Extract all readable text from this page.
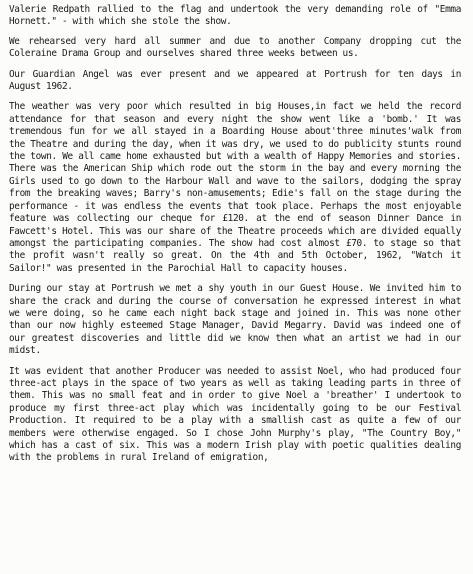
Valerie Redpath rallied to the flag and undertook the very demanding role of "Emma Hornett." - with which she stole the show.

We rehearsed very hard all summer and due to another Company dropping cut the Coleraine Drama Group and ourselves shared three weeks between us.

Our Guardian Angel was ever present and we appeared at Portrush for ten days in August 1962.

The weather was very poor which resulted in big Houses,in fact we held the record attendance for that season and every night the show went like a 'bomb.' It was tremendous fun for we all stayed in a Boarding House about'three minutes'walk from the Theatre and during the day, when it was dry, we used to do publicity stunts round the town. We all came home exhausted but with a wealth of Happy Memories and stories. There was the American Ship which rode out the storm in the bay and every morning the Girls used to go down to the Harbour Wall and wave to the sailors, dodging the spray from the breaking waves; Barry's non-amusements; Edie's fall on the stage during the performance - it was endless the events that took place. Perhaps the most enjoyable feature was collecting our cheque for £120. at the end of season Dinner Dance in Fawcett's Hotel. This was our share of the Theatre proceeds which are divided equally amongst the participating companies. The show had cost almost £70. to stage so that the profit wasn't really so great. On the 4th and 5th October, 1962, "Watch it Sailor!" was presented in the Parochial Hall to capacity houses.

During our stay at Portrush we met a shy youth in our Guest House. We invited him to share the crack and during the course of conversation he expressed interest in what we were doing, so he came each night back stage and joined in. This was none other than our now highly esteemed Stage Manager, David Megarry. David was indeed one of our greatest discoveries and little did we know then what an artist we had in our midst.

It was evident that another Producer was needed to assist Noel, who had produced four three-act plays in the space of two years as well as taking leading parts in three of them. This was no small feat and in order to give Noel a 'breather' I undertook to produce my first three-act play which was incidentally going to be our Festival Production. It required to be a play with a smallish cast as quite a few of our members were otherwise engaged. So I chose John Murphy's play, "The Country Boy," which has a cast of six. This was a modern Irish play with poetic qualities dealing with the problems in rural Ireland of emigration,
